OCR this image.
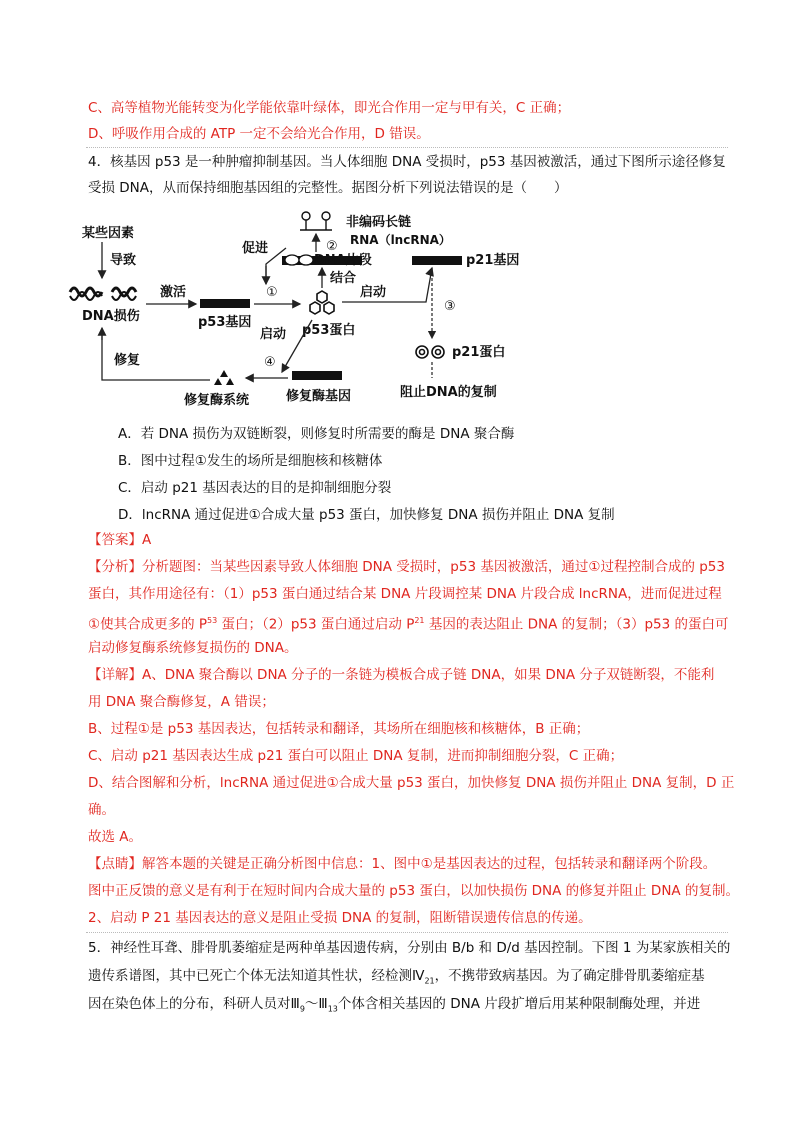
C、高等植物光能转变为化学能依靠叶绿体，即光合作用一定与甲有关，C 正确；
D、呼吸作用合成的 ATP 一定不会给光合作用，D 错误。
4．核基因 p53 是一种肿瘤抑制基因。当人体细胞 DNA 受损时，p53 基因被激活，通过下图所示途径修复
受损 DNA，从而保持细胞基因组的完整性。据图分析下列说法错误的是（　　）
某些因素
导致
DNA损伤
激活
p53基因
①
p53蛋白
促进
非编码长链
RNA（lncRNA）
②
DNA片段
结合
p21基因
启动
③
p21蛋白
阻止DNA的复制
启动
④
修复酶基因
修复酶系统
修复
A．若 DNA 损伤为双链断裂，则修复时所需要的酶是 DNA 聚合酶
B．图中过程①发生的场所是细胞核和核糖体
C．启动 p21 基因表达的目的是抑制细胞分裂
D．lncRNA 通过促进①合成大量 p53 蛋白，加快修复 DNA 损伤并阻止 DNA 复制
【答案】A
【分析】分析题图：当某些因素导致人体细胞 DNA 受损时，p53 基因被激活，通过①过程控制合成的 p53
蛋白，其作用途径有：（1）p53 蛋白通过结合某 DNA 片段调控某 DNA 片段合成 lncRNA，进而促进过程
①使其合成更多的 $P^{53}$ 蛋白；（2）p53 蛋白通过启动 $P^{21}$ 基因的表达阻止 DNA 的复制；（3）p53 的蛋白可
启动修复酶系统修复损伤的 DNA。
【详解】A、DNA 聚合酶以 DNA 分子的一条链为模板合成子链 DNA，如果 DNA 分子双链断裂，不能利
用 DNA 聚合酶修复，A 错误；
B、过程①是 p53 基因表达，包括转录和翻译，其场所在细胞核和核糖体，B 正确；
C、启动 p21 基因表达生成 p21 蛋白可以阻止 DNA 复制，进而抑制细胞分裂，C 正确；
D、结合图解和分析，lncRNA 通过促进①合成大量 p53 蛋白，加快修复 DNA 损伤并阻止 DNA 复制，D 正
确。
故选 A。
【点睛】解答本题的关键是正确分析图中信息：1、图中①是基因表达的过程，包括转录和翻译两个阶段。
图中正反馈的意义是有利于在短时间内合成大量的 p53 蛋白，以加快损伤 DNA 的修复并阻止 DNA 的复制。
2、启动 P 21 基因表达的意义是阻止受损 DNA 的复制，阻断错误遗传信息的传递。
5．神经性耳聋、腓骨肌萎缩症是两种单基因遗传病，分别由 B/b 和 D/d 基因控制。下图 1 为某家族相关的
遗传系谱图，其中已死亡个体无法知道其性状，经检测$Ⅳ_{21}$，不携带致病基因。为了确定腓骨肌萎缩症基
因在染色体上的分布，科研人员对$Ⅲ_9\sim Ⅲ_{13}$个体含相关基因的 DNA 片段扩增后用某种限制酶处理，并进
